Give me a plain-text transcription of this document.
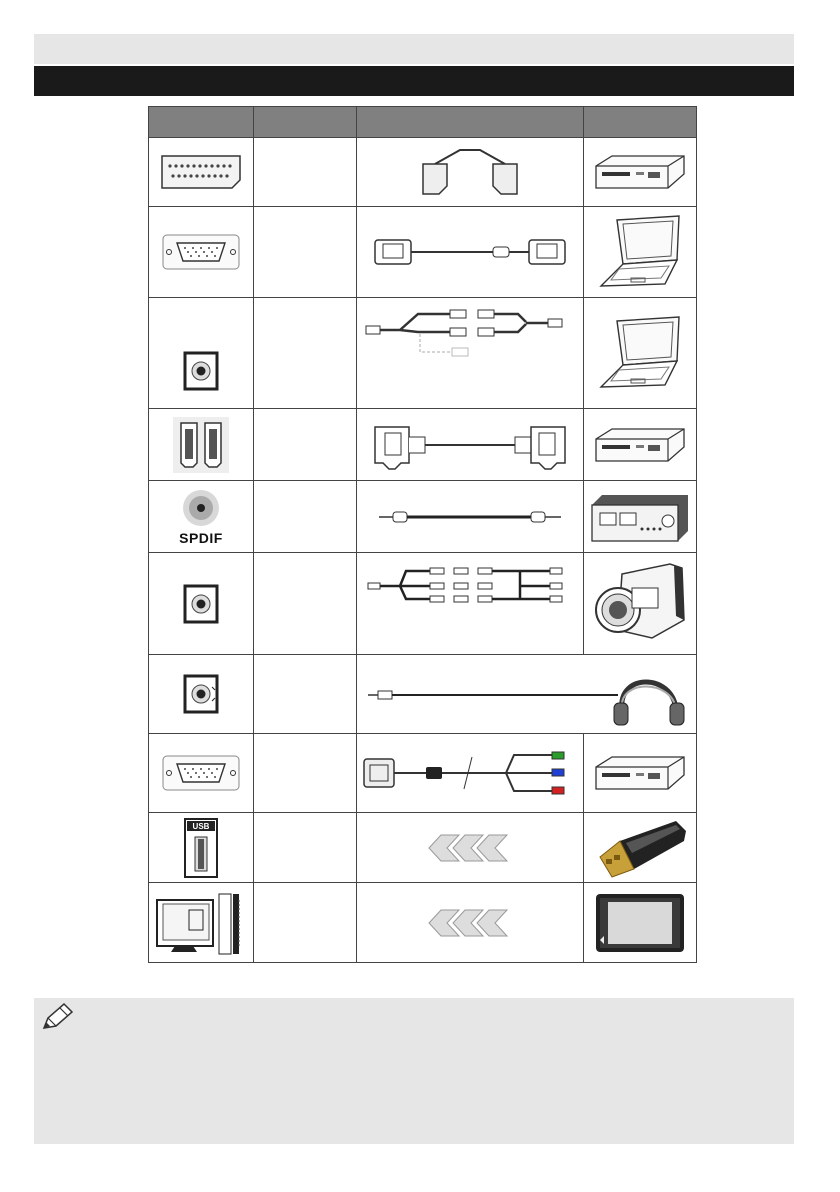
SPDIF

USB
